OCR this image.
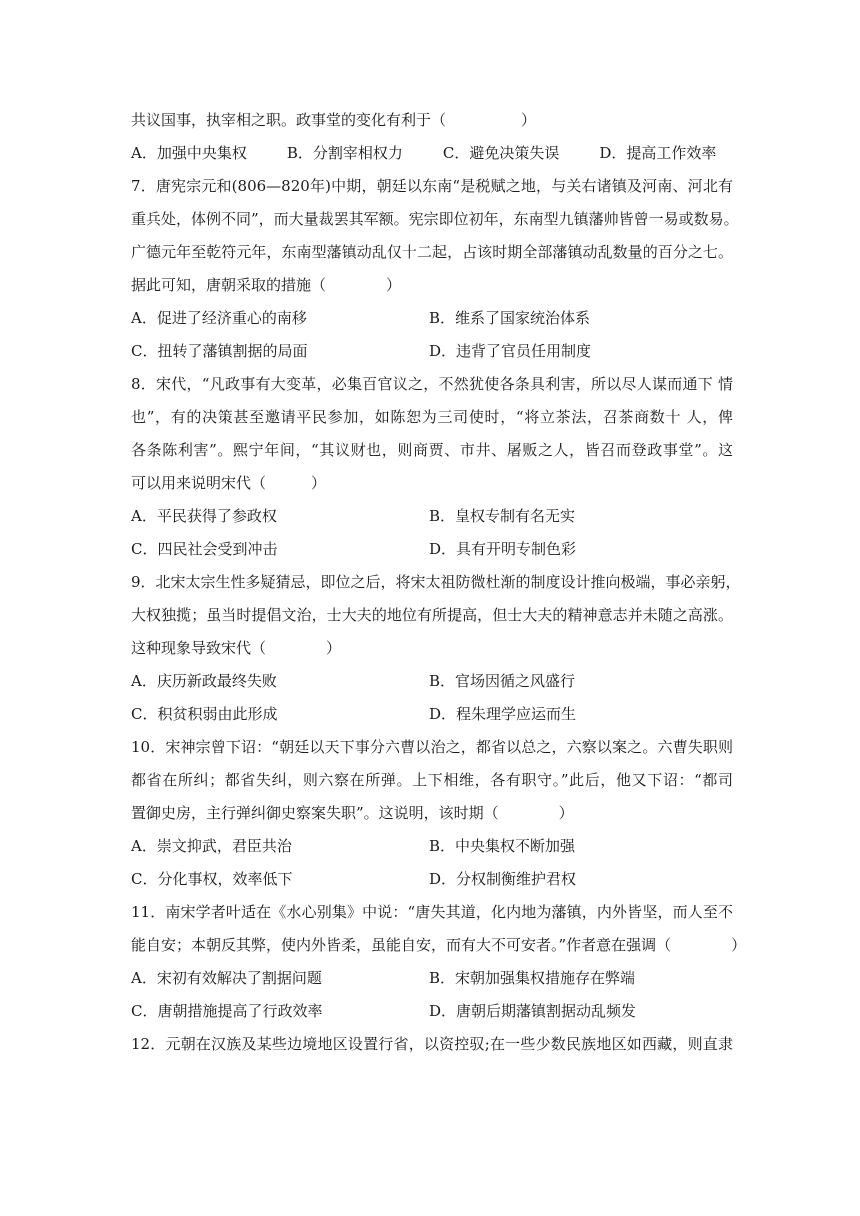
共议国事，执宰相之职。政事堂的变化有利于（　　　　　）
A．加强中央集权	B．分割宰相权力	C．避免决策失误	D．提高工作效率
7．唐宪宗元和(806—820年)中期，朝廷以东南“是税赋之地，与关右诸镇及河南、河北有
重兵处，体例不同”，而大量裁罢其军额。宪宗即位初年，东南型九镇藩帅皆曾一易或数易。
广德元年至乾符元年，东南型藩镇动乱仅十二起，占该时期全部藩镇动乱数量的百分之七。
据此可知，唐朝采取的措施（　　　　）
A．促进了经济重心的南移	B．维系了国家统治体系
C．扭转了藩镇割据的局面	D．违背了官员任用制度
8．宋代，“凡政事有大变革，必集百官议之，不然犹使各条具利害，所以尽人谋而通下 情
也”，有的决策甚至邀请平民参加，如陈恕为三司使时，“将立茶法，召茶商数十 人，俾
各条陈利害”。熙宁年间，“其议财也，则商贾、市井、屠贩之人，皆召而登政事堂”。这
可以用来说明宋代（　　　）
A．平民获得了参政权	B．皇权专制有名无实
C．四民社会受到冲击	D．具有开明专制色彩
9．北宋太宗生性多疑猜忌，即位之后，将宋太祖防微杜渐的制度设计推向极端，事必亲躬，
大权独揽；虽当时提倡文治，士大夫的地位有所提高，但士大夫的精神意志并未随之高涨。
这种现象导致宋代（　　　　）
A．庆历新政最终失败	B．官场因循之风盛行
C．积贫积弱由此形成	D．程朱理学应运而生
10．宋神宗曾下诏：“朝廷以天下事分六曹以治之，都省以总之，六察以案之。六曹失职则
都省在所纠；都省失纠，则六察在所弹。上下相维，各有职守。”此后，他又下诏：“都司
置御史房，主行弹纠御史察案失职”。这说明，该时期（　　　　）
A．崇文抑武，君臣共治	B．中央集权不断加强
C．分化事权，效率低下	D．分权制衡维护君权
11．南宋学者叶适在《水心别集》中说：“唐失其道，化内地为藩镇，内外皆坚，而人至不
能自安；本朝反其弊，使内外皆柔，虽能自安，而有大不可安者。”作者意在强调（　　　　）
A．宋初有效解决了割据问题	B．宋朝加强集权措施存在弊端
C．唐朝措施提高了行政效率	D．唐朝后期藩镇割据动乱频发
12．元朝在汉族及某些边境地区设置行省，以资控驭;在一些少数民族地区如西藏，则直隶
